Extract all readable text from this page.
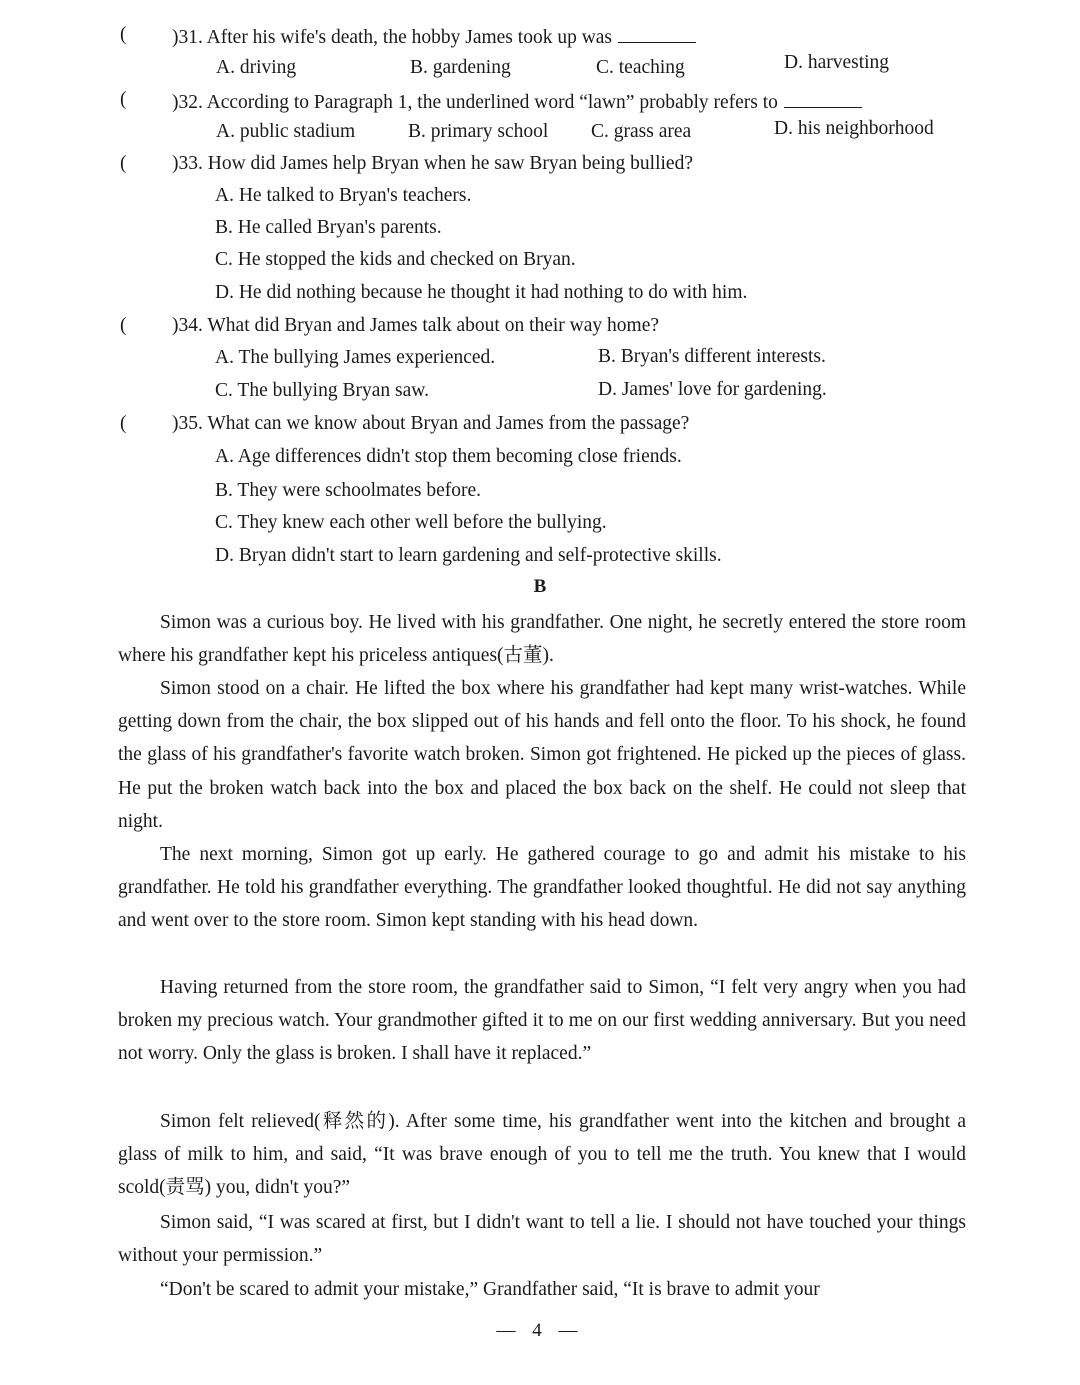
( )31. After his wife's death, the hobby James took up was
A. driving	B. gardening	C. teaching	D. harvesting
( )32. According to Paragraph 1, the underlined word “lawn” probably refers to
A. public stadium	B. primary school C. grass area	D. his neighborhood
( )33. How did James help Bryan when he saw Bryan being bullied?
A. He talked to Bryan's teachers.
B. He called Bryan's parents.
C. He stopped the kids and checked on Bryan.
D. He did nothing because he thought it had nothing to do with him.
( )34. What did Bryan and James talk about on their way home?
A. The bullying James experienced.	B. Bryan's different interests.
C. The bullying Bryan saw.	D. James' love for gardening.
( )35. What can we know about Bryan and James from the passage?
A. Age differences didn't stop them becoming close friends.
B. They were schoolmates before.
C. They knew each other well before the bullying.
D. Bryan didn't start to learn gardening and self-protective skills.
B

Simon was a curious boy. He lived with his grandfather. One night, he secretly entered the store room where his grandfather kept his priceless antiques(古董).

Simon stood on a chair. He lifted the box where his grandfather had kept many wrist-watches. While getting down from the chair, the box slipped out of his hands and fell onto the floor. To his shock, he found the glass of his grandfather's favorite watch broken. Simon got frightened. He picked up the pieces of glass. He put the broken watch back into the box and placed the box back on the shelf. He could not sleep that night.

The next morning, Simon got up early. He gathered courage to go and admit his mistake to his grandfather. He told his grandfather everything. The grandfather looked thoughtful. He did not say anything and went over to the store room. Simon kept standing with his head down.

Having returned from the store room, the grandfather said to Simon, “I felt very angry when you had broken my precious watch. Your grandmother gifted it to me on our first wedding anniversary. But you need not worry. Only the glass is broken. I shall have it replaced.”

Simon felt relieved(释然的). After some time, his grandfather went into the kitchen and brought a glass of milk to him, and said, “It was brave enough of you to tell me the truth. You knew that I would scold(责骂) you, didn't you?”

Simon said, “I was scared at first, but I didn't want to tell a lie. I should not have touched your things without your permission.”

“Don't be scared to admit your mistake,” Grandfather said, “It is brave to admit your

— 4 —
